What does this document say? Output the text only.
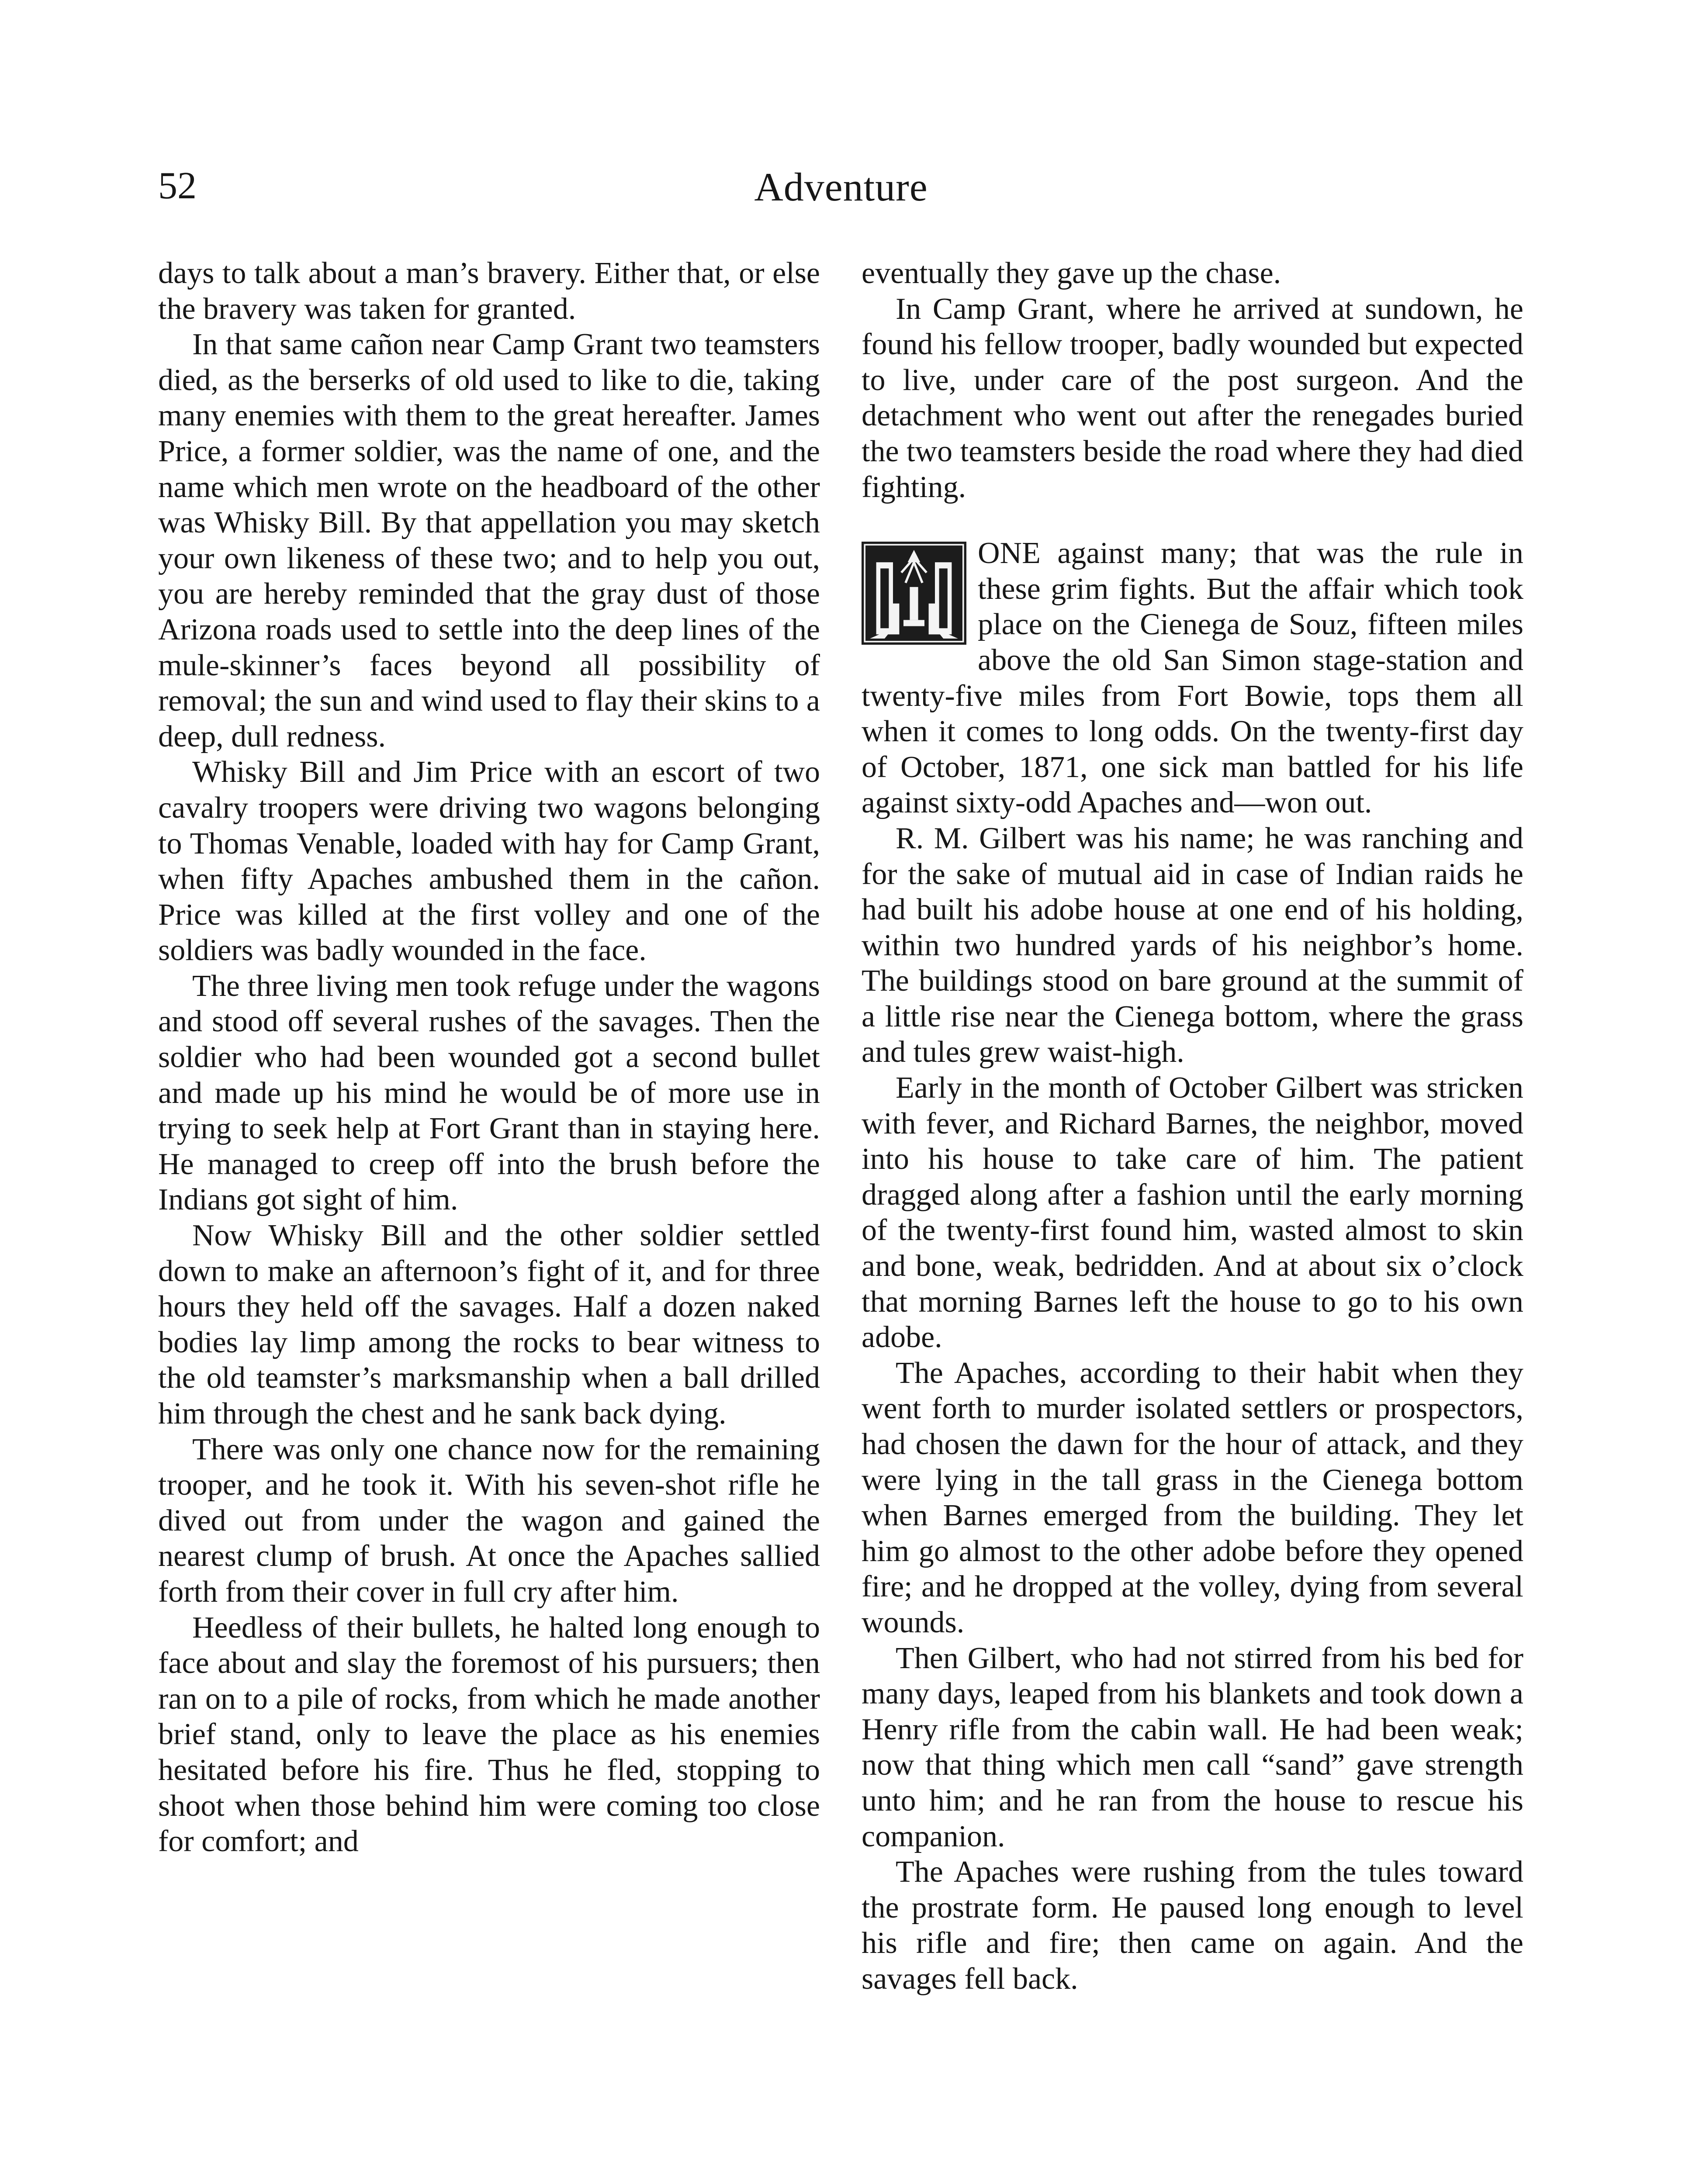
52	Adventure

days to talk about a man’s bravery. Either that, or else the bravery was taken for granted.

In that same cañon near Camp Grant two teamsters died, as the berserks of old used to like to die, taking many enemies with them to the great hereafter. James Price, a former soldier, was the name of one, and the name which men wrote on the headboard of the other was Whisky Bill. By that appellation you may sketch your own likeness of these two; and to help you out, you are hereby reminded that the gray dust of those Arizona roads used to settle into the deep lines of the mule-skinner’s faces beyond all possibility of removal; the sun and wind used to flay their skins to a deep, dull redness.

Whisky Bill and Jim Price with an escort of two cavalry troopers were driving two wagons belonging to Thomas Venable, loaded with hay for Camp Grant, when fifty Apaches ambushed them in the cañon. Price was killed at the first volley and one of the soldiers was badly wounded in the face.

The three living men took refuge under the wagons and stood off several rushes of the savages. Then the soldier who had been wounded got a second bullet and made up his mind he would be of more use in trying to seek help at Fort Grant than in staying here. He managed to creep off into the brush before the Indians got sight of him.

Now Whisky Bill and the other soldier settled down to make an afternoon’s fight of it, and for three hours they held off the savages. Half a dozen naked bodies lay limp among the rocks to bear witness to the old teamster’s marksmanship when a ball drilled him through the chest and he sank back dying.

There was only one chance now for the remaining trooper, and he took it. With his seven-shot rifle he dived out from under the wagon and gained the nearest clump of brush. At once the Apaches sallied forth from their cover in full cry after him.

Heedless of their bullets, he halted long enough to face about and slay the foremost of his pursuers; then ran on to a pile of rocks, from which he made another brief stand, only to leave the place as his enemies hesitated before his fire. Thus he fled, stopping to shoot when those behind him were coming too close for comfort; and

eventually they gave up the chase.

In Camp Grant, where he arrived at sundown, he found his fellow trooper, badly wounded but expected to live, under care of the post surgeon. And the detachment who went out after the renegades buried the two teamsters beside the road where they had died fighting.

ONE against many; that was the rule in these grim fights. But the affair which took place on the Cienega de Souz, fifteen miles above the old San Simon stage-station and twenty-five miles from Fort Bowie, tops them all when it comes to long odds. On the twenty-first day of October, 1871, one sick man battled for his life against sixty-odd Apaches and—won out.

R. M. Gilbert was his name; he was ranching and for the sake of mutual aid in case of Indian raids he had built his adobe house at one end of his holding, within two hundred yards of his neighbor’s home. The buildings stood on bare ground at the summit of a little rise near the Cienega bottom, where the grass and tules grew waist-high.

Early in the month of October Gilbert was stricken with fever, and Richard Barnes, the neighbor, moved into his house to take care of him. The patient dragged along after a fashion until the early morning of the twenty-first found him, wasted almost to skin and bone, weak, bedridden. And at about six o’clock that morning Barnes left the house to go to his own adobe.

The Apaches, according to their habit when they went forth to murder isolated settlers or prospectors, had chosen the dawn for the hour of attack, and they were lying in the tall grass in the Cienega bottom when Barnes emerged from the building. They let him go almost to the other adobe before they opened fire; and he dropped at the volley, dying from several wounds.

Then Gilbert, who had not stirred from his bed for many days, leaped from his blankets and took down a Henry rifle from the cabin wall. He had been weak; now that thing which men call “sand” gave strength unto him; and he ran from the house to rescue his companion.

The Apaches were rushing from the tules toward the prostrate form. He paused long enough to level his rifle and fire; then came on again. And the savages fell back.
